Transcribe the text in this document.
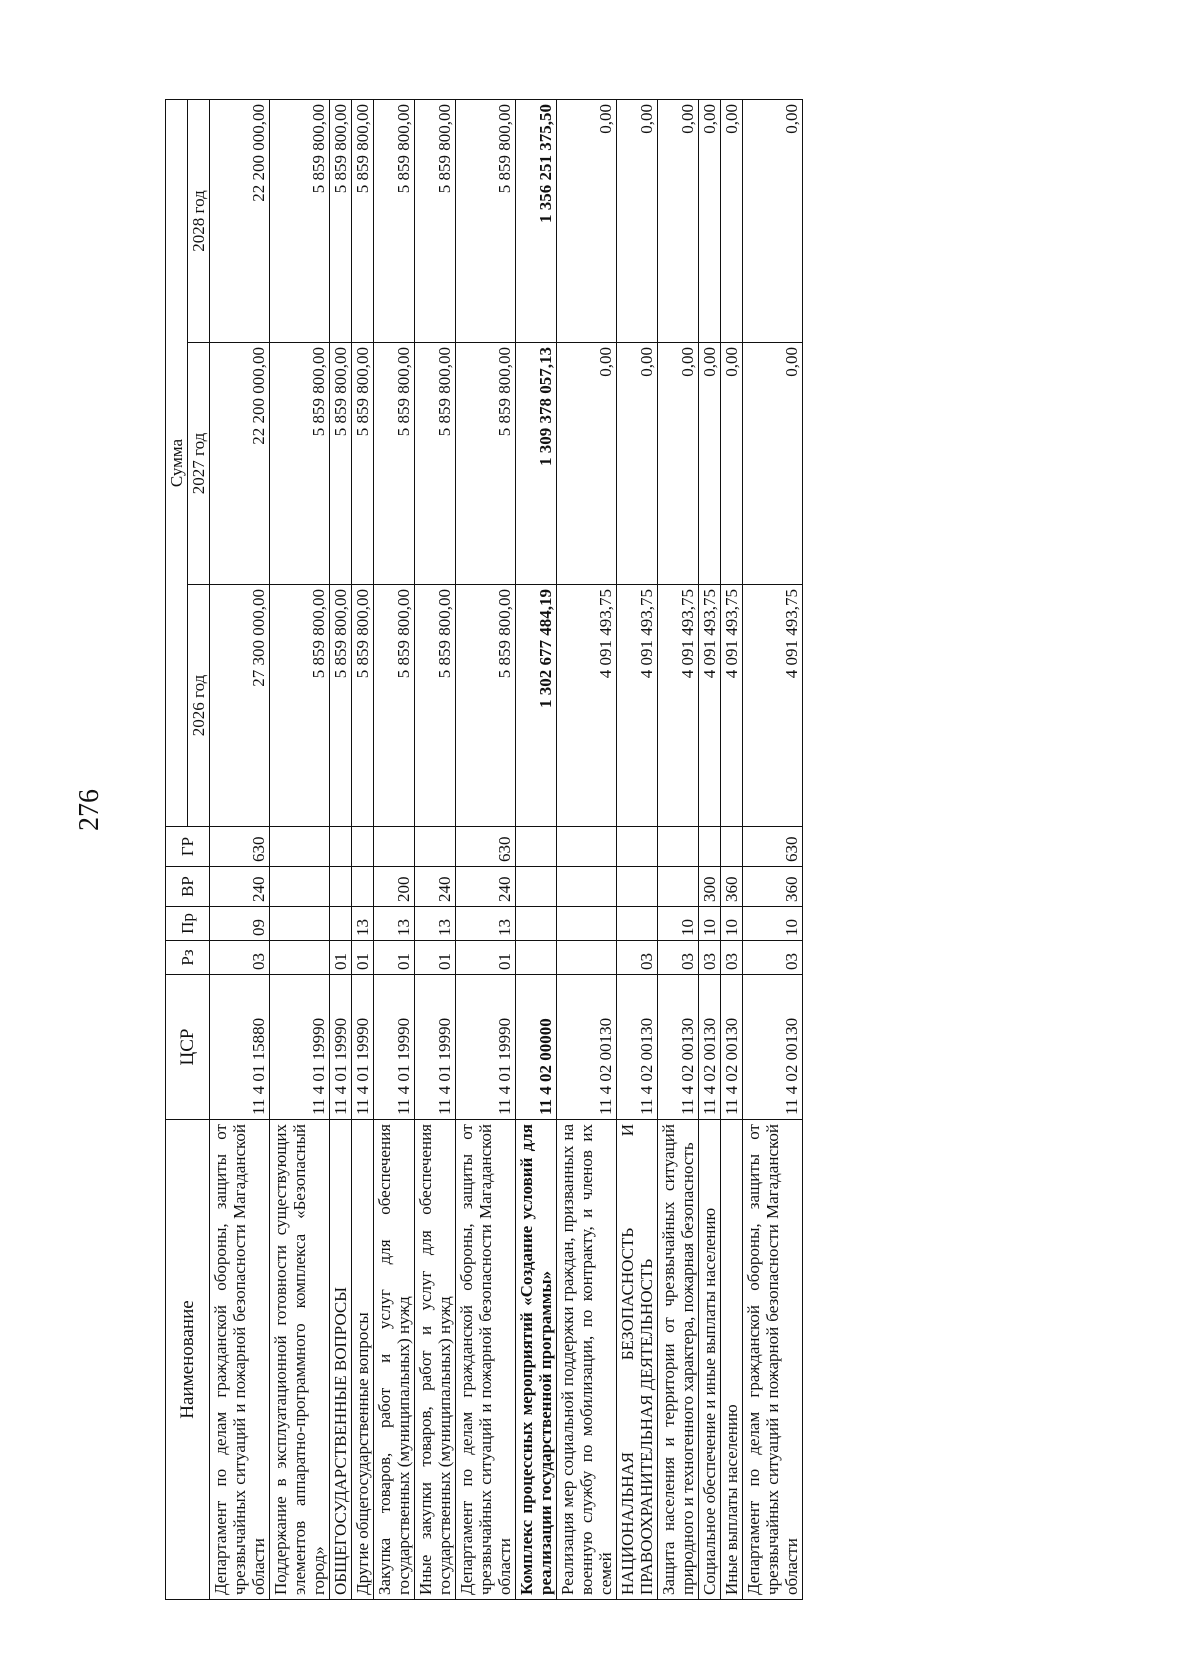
276
Наименование	ЦСР	Рз	Пр	ВР	ГР	Сумма		
						2026 год	2027 год	2028 год
Департамент по делам гражданской обороны, защиты от чрезвычайных ситуаций и пожарной безопасности Магаданской области	11 4 01 15880	03	09	240	630	27 300 000,00	22 200 000,00	22 200 000,00
Поддержание в эксплуатационной готовности существующих элементов аппаратно-программного комплекса «Безопасный город»	11 4 01 19990					5 859 800,00	5 859 800,00	5 859 800,00
ОБЩЕГОСУДАРСТВЕННЫЕ ВОПРОСЫ	11 4 01 19990	01				5 859 800,00	5 859 800,00	5 859 800,00
Другие общегосударственные вопросы	11 4 01 19990	01	13			5 859 800,00	5 859 800,00	5 859 800,00
Закупка товаров, работ и услуг для обеспечения государственных (муниципальных) нужд	11 4 01 19990	01	13	200		5 859 800,00	5 859 800,00	5 859 800,00
Иные закупки товаров, работ и услуг для обеспечения государственных (муниципальных) нужд	11 4 01 19990	01	13	240		5 859 800,00	5 859 800,00	5 859 800,00
Департамент по делам гражданской обороны, защиты от чрезвычайных ситуаций и пожарной безопасности Магаданской области	11 4 01 19990	01	13	240	630	5 859 800,00	5 859 800,00	5 859 800,00
Комплекс процессных мероприятий «Создание условий для реализации государственной программы»	11 4 02 00000					1 302 677 484,19	1 309 378 057,13	1 356 251 375,50
Реализация мер социальной поддержки граждан, призванных на военную службу по мобилизации, по контракту, и членов их семей	11 4 02 00130					4 091 493,75	0,00	0,00
НАЦИОНАЛЬНАЯ БЕЗОПАСНОСТЬ И ПРАВООХРАНИТЕЛЬНАЯ ДЕЯТЕЛЬНОСТЬ	11 4 02 00130	03				4 091 493,75	0,00	0,00
Защита населения и территории от чрезвычайных ситуаций природного и техногенного характера, пожарная безопасность	11 4 02 00130	03	10			4 091 493,75	0,00	0,00
Социальное обеспечение и иные выплаты населению	11 4 02 00130	03	10	300		4 091 493,75	0,00	0,00
Иные выплаты населению	11 4 02 00130	03	10	360		4 091 493,75	0,00	0,00
Департамент по делам гражданской обороны, защиты от чрезвычайных ситуаций и пожарной безопасности Магаданской области	11 4 02 00130	03	10	360	630	4 091 493,75	0,00	0,00
